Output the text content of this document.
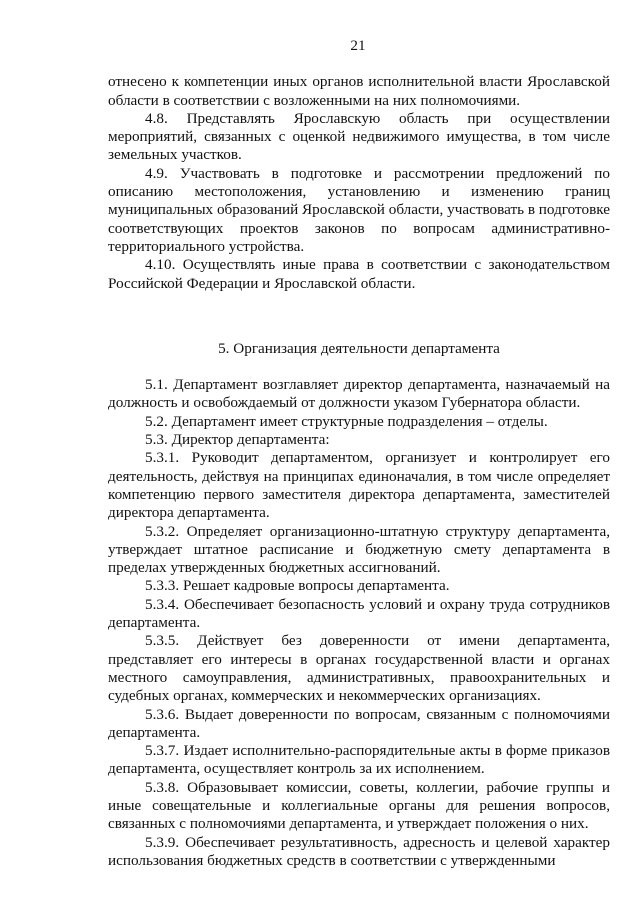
21

отнесено к компетенции иных органов исполнительной власти Ярославской области в соответствии с возложенными на них полномочиями.

4.8. Представлять Ярославскую область при осуществлении мероприятий, связанных с оценкой недвижимого имущества, в том числе земельных участков.

4.9. Участвовать в подготовке и рассмотрении предложений по описанию местоположения, установлению и изменению границ муниципальных образований Ярославской области, участвовать в подготовке соответствующих проектов законов по вопросам административно-территориального устройства.

4.10. Осуществлять иные права в соответствии с законодательством Российской Федерации и Ярославской области.

5. Организация деятельности департамента

5.1. Департамент возглавляет директор департамента, назначаемый на должность и освобождаемый от должности указом Губернатора области.

5.2. Департамент имеет структурные подразделения – отделы.

5.3. Директор департамента:

5.3.1. Руководит департаментом, организует и контролирует его деятельность, действуя на принципах единоначалия, в том числе определяет компетенцию первого заместителя директора департамента, заместителей директора департамента.

5.3.2. Определяет организационно-штатную структуру департамента, утверждает штатное расписание и бюджетную смету департамента в пределах утвержденных бюджетных ассигнований.

5.3.3. Решает кадровые вопросы департамента.

5.3.4. Обеспечивает безопасность условий и охрану труда сотрудников департамента.

5.3.5. Действует без доверенности от имени департамента, представляет его интересы в органах государственной власти и органах местного самоуправления, административных, правоохранительных и судебных органах, коммерческих и некоммерческих организациях.

5.3.6. Выдает доверенности по вопросам, связанным с полномочиями департамента.

5.3.7. Издает исполнительно-распорядительные акты в форме приказов департамента, осуществляет контроль за их исполнением.

5.3.8. Образовывает комиссии, советы, коллегии, рабочие группы и иные совещательные и коллегиальные органы для решения вопросов, связанных с полномочиями департамента, и утверждает положения о них.

5.3.9. Обеспечивает результативность, адресность и целевой характер использования бюджетных средств в соответствии с утвержденными
